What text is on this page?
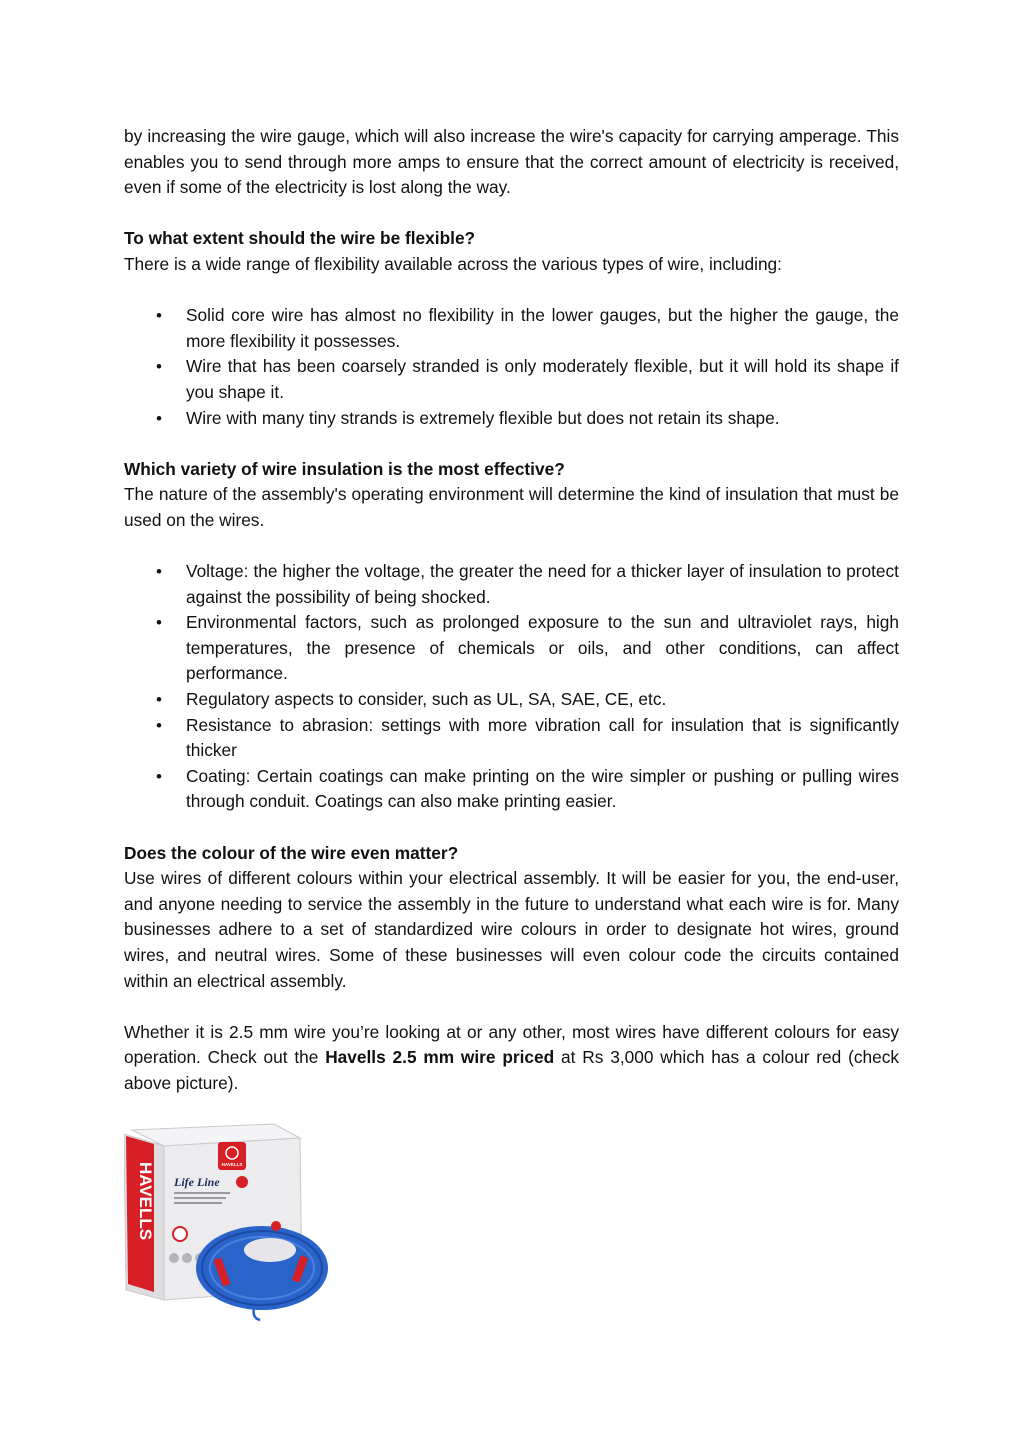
by increasing the wire gauge, which will also increase the wire's capacity for carrying amperage. This enables you to send through more amps to ensure that the correct amount of electricity is received, even if some of the electricity is lost along the way.

To what extent should the wire be flexible?

There is a wide range of flexibility available across the various types of wire, including:

• Solid core wire has almost no flexibility in the lower gauges, but the higher the gauge, the more flexibility it possesses.
• Wire that has been coarsely stranded is only moderately flexible, but it will hold its shape if you shape it.
• Wire with many tiny strands is extremely flexible but does not retain its shape.
Which variety of wire insulation is the most effective?

The nature of the assembly's operating environment will determine the kind of insulation that must be used on the wires.

• Voltage: the higher the voltage, the greater the need for a thicker layer of insulation to protect against the possibility of being shocked.
• Environmental factors, such as prolonged exposure to the sun and ultraviolet rays, high temperatures, the presence of chemicals or oils, and other conditions, can affect performance.
• Regulatory aspects to consider, such as UL, SA, SAE, CE, etc.
• Resistance to abrasion: settings with more vibration call for insulation that is significantly thicker
• Coating: Certain coatings can make printing on the wire simpler or pushing or pulling wires through conduit. Coatings can also make printing easier.
Does the colour of the wire even matter?

Use wires of different colours within your electrical assembly. It will be easier for you, the end-user, and anyone needing to service the assembly in the future to understand what each wire is for. Many businesses adhere to a set of standardized wire colours in order to designate hot wires, ground wires, and neutral wires. Some of these businesses will even colour code the circuits contained within an electrical assembly.

Whether it is 2.5 mm wire you’re looking at or any other, most wires have different colours for easy operation. Check out the Havells 2.5 mm wire priced at Rs 3,000 which has a colour red (check above picture).

HAVELLS	HAVELLS
Life Line
